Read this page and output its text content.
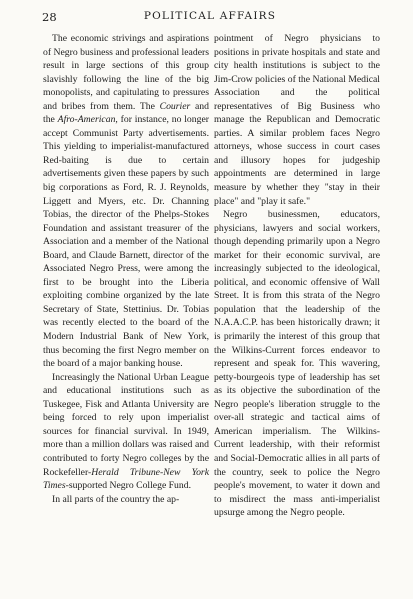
28	POLITICAL AFFAIRS

The economic strivings and aspirations of Negro business and professional leaders result in large sections of this group slavishly following the line of the big monopolists, and capitulating to pressures and bribes from them. The Courier and the Afro-American, for instance, no longer accept Communist Party advertisements. This yielding to imperialist-manufactured Red-baiting is due to certain advertisements given these papers by such big corporations as Ford, R. J. Reynolds, Liggett and Myers, etc. Dr. Channing Tobias, the director of the Phelps-Stokes Foundation and assistant treasurer of the Association and a member of the National Board, and Claude Barnett, director of the Associated Negro Press, were among the first to be brought into the Liberia exploiting combine organized by the late Secretary of State, Stettinius. Dr. Tobias was recently elected to the board of the Modern Industrial Bank of New York, thus becoming the first Negro member on the board of a major banking house.

Increasingly the National Urban League and educational institutions such as Tuskegee, Fisk and Atlanta University are being forced to rely upon imperialist sources for financial survival. In 1949, more than a million dollars was raised and contributed to forty Negro colleges by the Rockefeller-Herald Tribune-New York Times-supported Negro College Fund.

In all parts of the country the ap-

pointment of Negro physicians to positions in private hospitals and state and city health institutions is subject to the Jim-Crow policies of the National Medical Association and the political representatives of Big Business who manage the Republican and Democratic parties. A similar problem faces Negro attorneys, whose success in court cases and illusory hopes for judgeship appointments are determined in large measure by whether they "stay in their place" and "play it safe."

Negro businessmen, educators, physicians, lawyers and social workers, though depending primarily upon a Negro market for their economic survival, are increasingly subjected to the ideological, political, and economic offensive of Wall Street. It is from this strata of the Negro population that the leadership of the N.A.A.C.P. has been historically drawn; it is primarily the interest of this group that the Wilkins-Current forces endeavor to represent and speak for. This wavering, petty-bourgeois type of leadership has set as its objective the subordination of the Negro people's liberation struggle to the over-all strategic and tactical aims of American imperialism. The Wilkins-Current leadership, with their reformist and Social-Democratic allies in all parts of the country, seek to police the Negro people's movement, to water it down and to misdirect the mass anti-imperialist upsurge among the Negro people.
